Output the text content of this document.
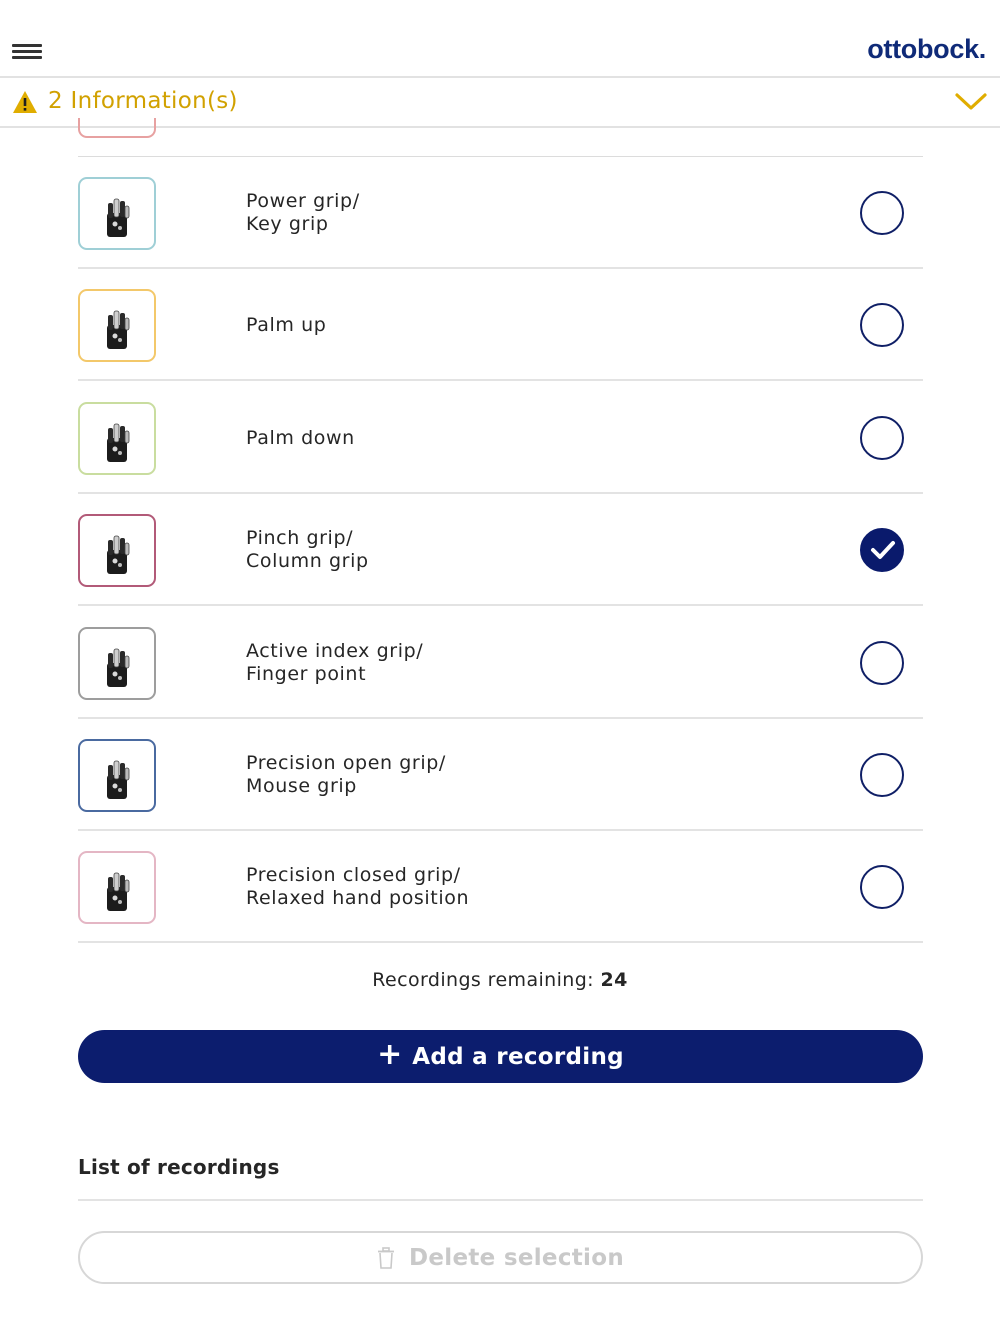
ottobock.
2 Information(s)
Power grip/
Key grip
Palm up
Palm down
Pinch grip/
Column grip
Active index grip/
Finger point
Precision open grip/
Mouse grip
Precision closed grip/
Relaxed hand position
Recordings remaining: 24
+ Add a recording
List of recordings
Delete selection
